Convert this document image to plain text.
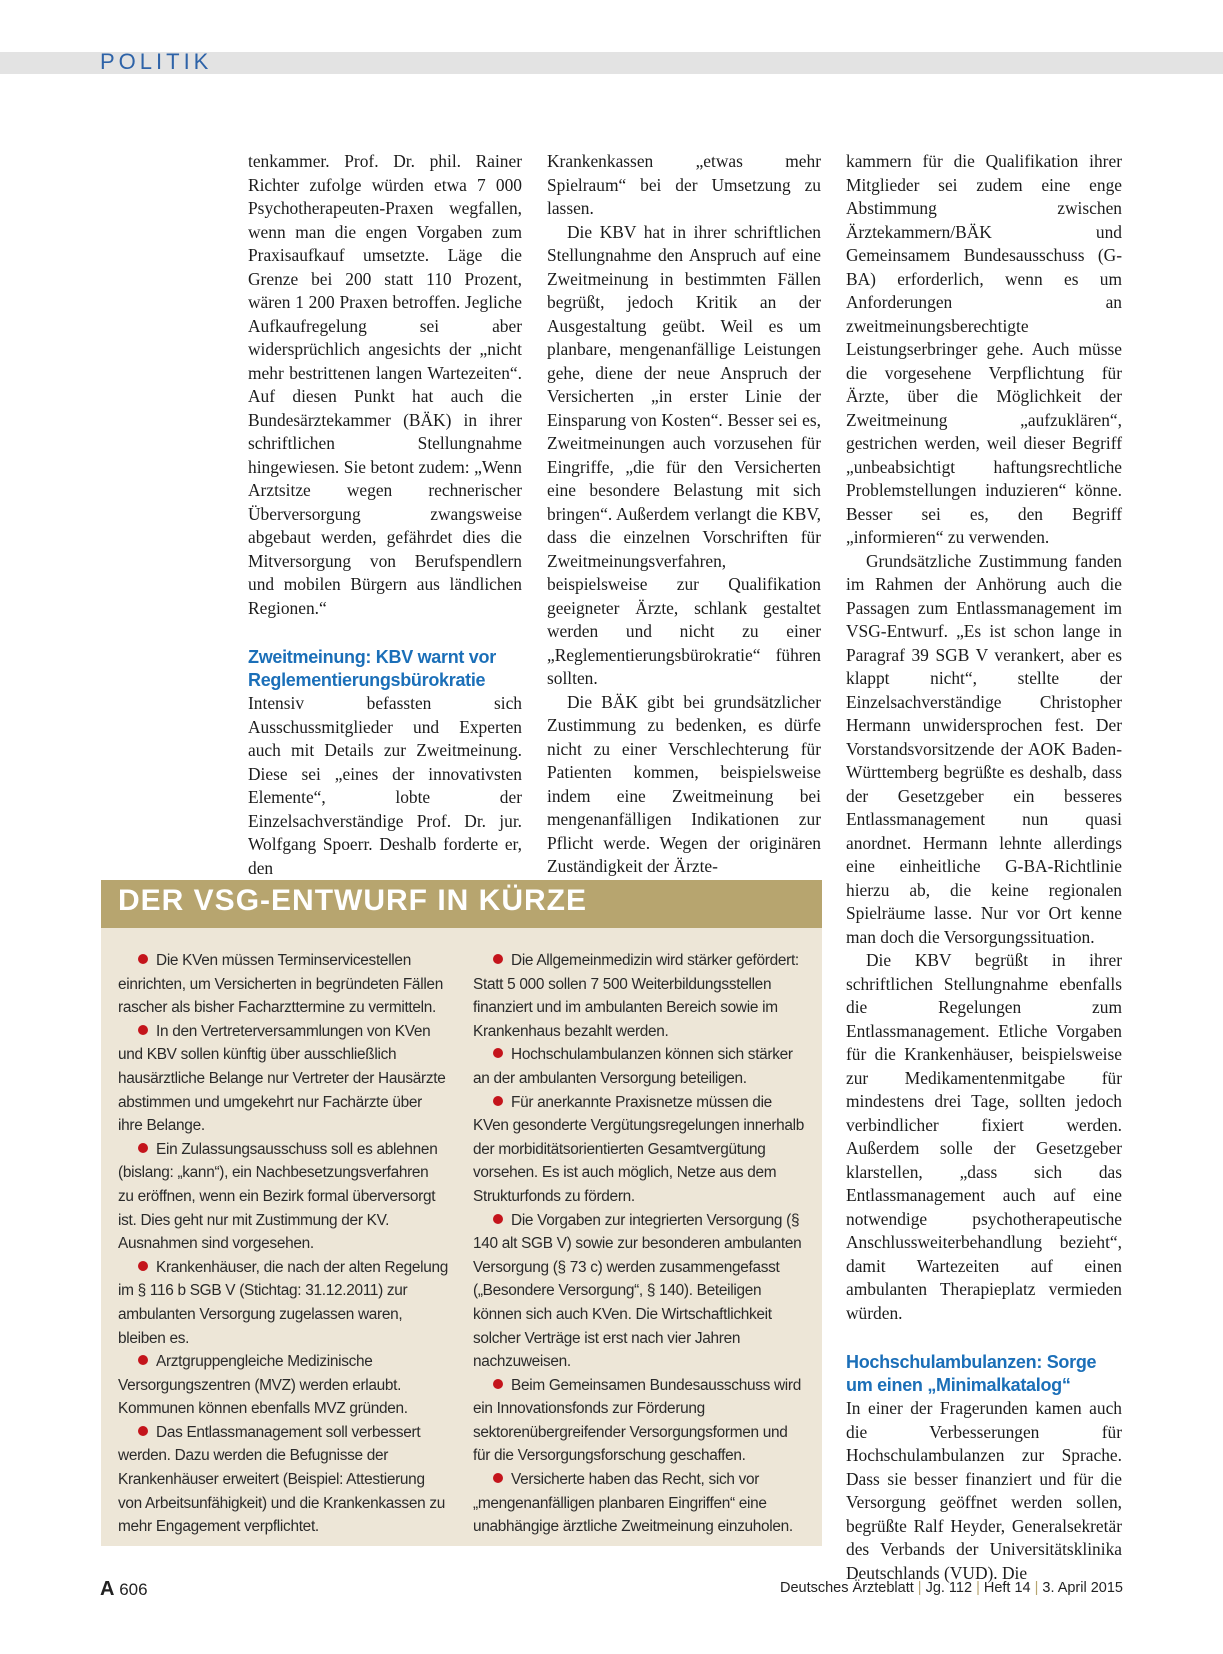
POLITIK

tenkammer. Prof. Dr. phil. Rainer Richter zufolge würden etwa 7 000 Psychotherapeuten-Praxen wegfallen, wenn man die engen Vorgaben zum Praxisaufkauf umsetzte. Läge die Grenze bei 200 statt 110 Prozent, wären 1 200 Praxen betroffen. Jegliche Aufkaufregelung sei aber widersprüchlich angesichts der „nicht mehr bestrittenen langen Wartezeiten“. Auf diesen Punkt hat auch die Bundesärztekammer (BÄK) in ihrer schriftlichen Stellungnahme hingewiesen. Sie betont zudem: „Wenn Arztsitze wegen rechnerischer Überversorgung zwangsweise abgebaut werden, gefährdet dies die Mitversorgung von Berufspendlern und mobilen Bürgern aus ländlichen Regionen.“

Zweitmeinung: KBV warnt vor Reglementierungsbürokratie

Intensiv befassten sich Ausschussmitglieder und Experten auch mit Details zur Zweitmeinung. Diese sei „eines der innovativsten Elemente“, lobte der Einzelsachverständige Prof. Dr. jur. Wolfgang Spoerr. Deshalb forderte er, den

Krankenkassen „etwas mehr Spielraum“ bei der Umsetzung zu lassen.

Die KBV hat in ihrer schriftlichen Stellungnahme den Anspruch auf eine Zweitmeinung in bestimmten Fällen begrüßt, jedoch Kritik an der Ausgestaltung geübt. Weil es um planbare, mengenanfällige Leistungen gehe, diene der neue Anspruch der Versicherten „in erster Linie der Einsparung von Kosten“. Besser sei es, Zweitmeinungen auch vorzusehen für Eingriffe, „die für den Versicherten eine besondere Belastung mit sich bringen“. Außerdem verlangt die KBV, dass die einzelnen Vorschriften für Zweitmeinungsverfahren, beispielsweise zur Qualifikation geeigneter Ärzte, schlank gestaltet werden und nicht zu einer „Reglementierungsbürokratie“ führen sollten.

Die BÄK gibt bei grundsätzlicher Zustimmung zu bedenken, es dürfe nicht zu einer Verschlechterung für Patienten kommen, beispielsweise indem eine Zweitmeinung bei mengenanfälligen Indikationen zur Pflicht werde. Wegen der originären Zuständigkeit der Ärzte-

kammern für die Qualifikation ihrer Mitglieder sei zudem eine enge Abstimmung zwischen Ärztekammern/BÄK und Gemeinsamem Bundesausschuss (G-BA) erforderlich, wenn es um Anforderungen an zweitmeinungsberechtigte Leistungserbringer gehe. Auch müsse die vorgesehene Verpflichtung für Ärzte, über die Möglichkeit der Zweitmeinung „aufzuklären“, gestrichen werden, weil dieser Begriff „unbeabsichtigt haftungsrechtliche Problemstellungen induzieren“ könne. Besser sei es, den Begriff „informieren“ zu verwenden.

Grundsätzliche Zustimmung fanden im Rahmen der Anhörung auch die Passagen zum Entlassmanagement im VSG-Entwurf. „Es ist schon lange in Paragraf 39 SGB V verankert, aber es klappt nicht“, stellte der Einzelsachverständige Christopher Hermann unwidersprochen fest. Der Vorstandsvorsitzende der AOK Baden-Württemberg begrüßte es deshalb, dass der Gesetzgeber ein besseres Entlassmanagement nun quasi anordnet. Hermann lehnte allerdings eine einheitliche G-BA-Richtlinie hierzu ab, die keine regionalen Spielräume lasse. Nur vor Ort kenne man doch die Versorgungssituation.

Die KBV begrüßt in ihrer schriftlichen Stellungnahme ebenfalls die Regelungen zum Entlassmanagement. Etliche Vorgaben für die Krankenhäuser, beispielsweise zur Medikamentenmitgabe für mindestens drei Tage, sollten jedoch verbindlicher fixiert werden. Außerdem solle der Gesetzgeber klarstellen, „dass sich das Entlassmanagement auch auf eine notwendige psychotherapeutische Anschlussweiterbehandlung bezieht“, damit Wartezeiten auf einen ambulanten Therapieplatz vermieden würden.

Hochschulambulanzen: Sorge um einen „Minimalkatalog“

In einer der Fragerunden kamen auch die Verbesserungen für Hochschulambulanzen zur Sprache. Dass sie besser finanziert und für die Versorgung geöffnet werden sollen, begrüßte Ralf Heyder, Generalsekretär des Verbands der Universitätsklinika Deutschlands (VUD). Die

DER VSG-ENTWURF IN KÜRZE

Die KVen müssen Terminservicestellen einrichten, um Versicherten in begründeten Fällen rascher als bisher Facharzttermine zu vermitteln.

In den Vertreterversammlungen von KVen und KBV sollen künftig über ausschließlich hausärztliche Belange nur Vertreter der Hausärzte abstimmen und umgekehrt nur Fachärzte über ihre Belange.

Ein Zulassungsausschuss soll es ablehnen (bislang: „kann“), ein Nachbesetzungsverfahren zu eröffnen, wenn ein Bezirk formal überversorgt ist. Dies geht nur mit Zustimmung der KV. Ausnahmen sind vorgesehen.

Krankenhäuser, die nach der alten Regelung im § 116 b SGB V (Stichtag: 31.12.2011) zur ambulanten Versorgung zugelassen waren, bleiben es.

Arztgruppengleiche Medizinische Versorgungszentren (MVZ) werden erlaubt. Kommunen können ebenfalls MVZ gründen.

Das Entlassmanagement soll verbessert werden. Dazu werden die Befugnisse der Krankenhäuser erweitert (Beispiel: Attestierung von Arbeitsunfähigkeit) und die Krankenkassen zu mehr Engagement verpflichtet.

Die Allgemeinmedizin wird stärker gefördert: Statt 5 000 sollen 7 500 Weiterbildungsstellen finanziert und im ambulanten Bereich sowie im Krankenhaus bezahlt werden.

Hochschulambulanzen können sich stärker an der ambulanten Versorgung beteiligen.

Für anerkannte Praxisnetze müssen die KVen gesonderte Vergütungsregelungen innerhalb der morbiditätsorientierten Gesamtvergütung vorsehen. Es ist auch möglich, Netze aus dem Strukturfonds zu fördern.

Die Vorgaben zur integrierten Versorgung (§ 140 alt SGB V) sowie zur besonderen ambulanten Versorgung (§ 73 c) werden zusammengefasst („Besondere Versorgung“, § 140). Beteiligen können sich auch KVen. Die Wirtschaftlichkeit solcher Verträge ist erst nach vier Jahren nachzuweisen.

Beim Gemeinsamen Bundesausschuss wird ein Innovationsfonds zur Förderung sektorenübergreifender Versorgungsformen und für die Versorgungsforschung geschaffen.

Versicherte haben das Recht, sich vor „mengenanfälligen planbaren Eingriffen“ eine unabhängige ärztliche Zweitmeinung einzuholen.

A 606	Deutsches Ärzteblatt | Jg. 112 | Heft 14 | 3. April 2015
